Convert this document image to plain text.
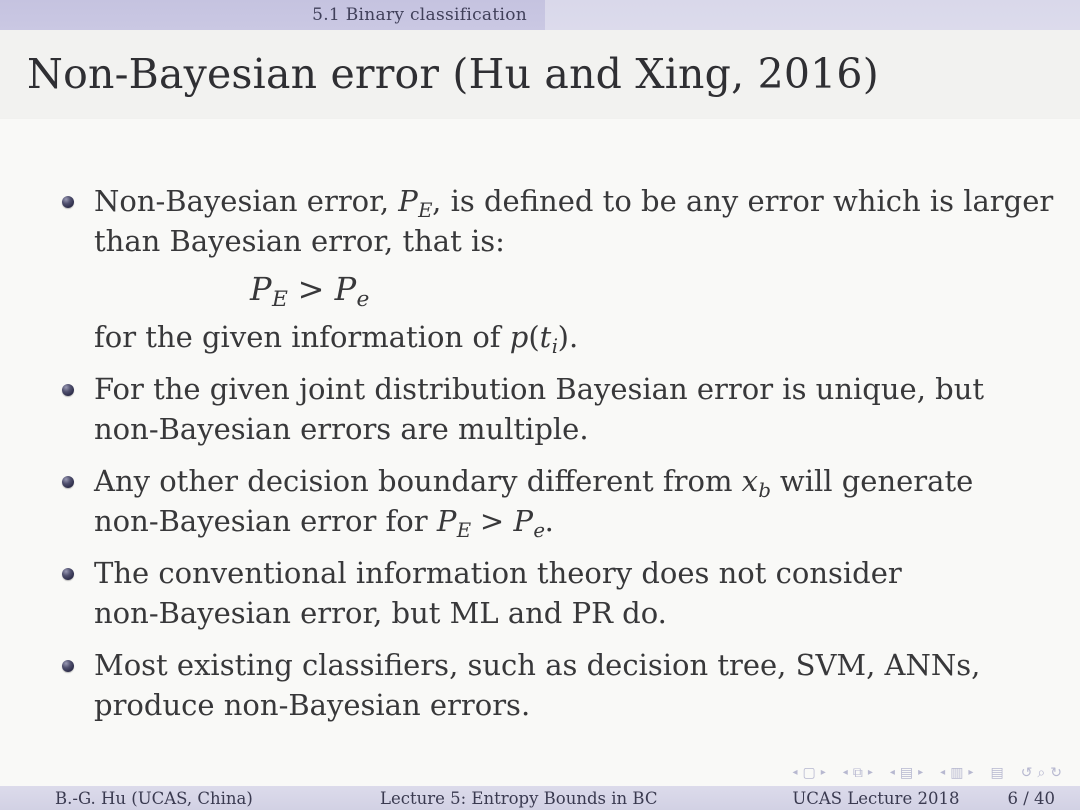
5.1 Binary classification
Non-Bayesian error (Hu and Xing, 2016)
Non-Bayesian error, $P_E$, is defined to be any error which is larger
than Bayesian error, that is:
$P_E > P_e$
for the given information of $p(t_i)$.
For the given joint distribution Bayesian error is unique, but
non-Bayesian errors are multiple.
Any other decision boundary different from $x_b$ will generate
non-Bayesian error for $P_E > P_e$.
The conventional information theory does not consider
non-Bayesian error, but ML and PR do.
Most existing classifiers, such as decision tree, SVM, ANNs,
produce non-Bayesian errors.
◂ ▢ ▸ ◂ ⧉ ▸ ◂ ▤ ▸ ◂ ▥ ▸ ▤ ↺ ⌕ ↻
B.-G. Hu (UCAS, China)	Lecture 5: Entropy Bounds in BC	UCAS Lecture 2018	6 / 40
